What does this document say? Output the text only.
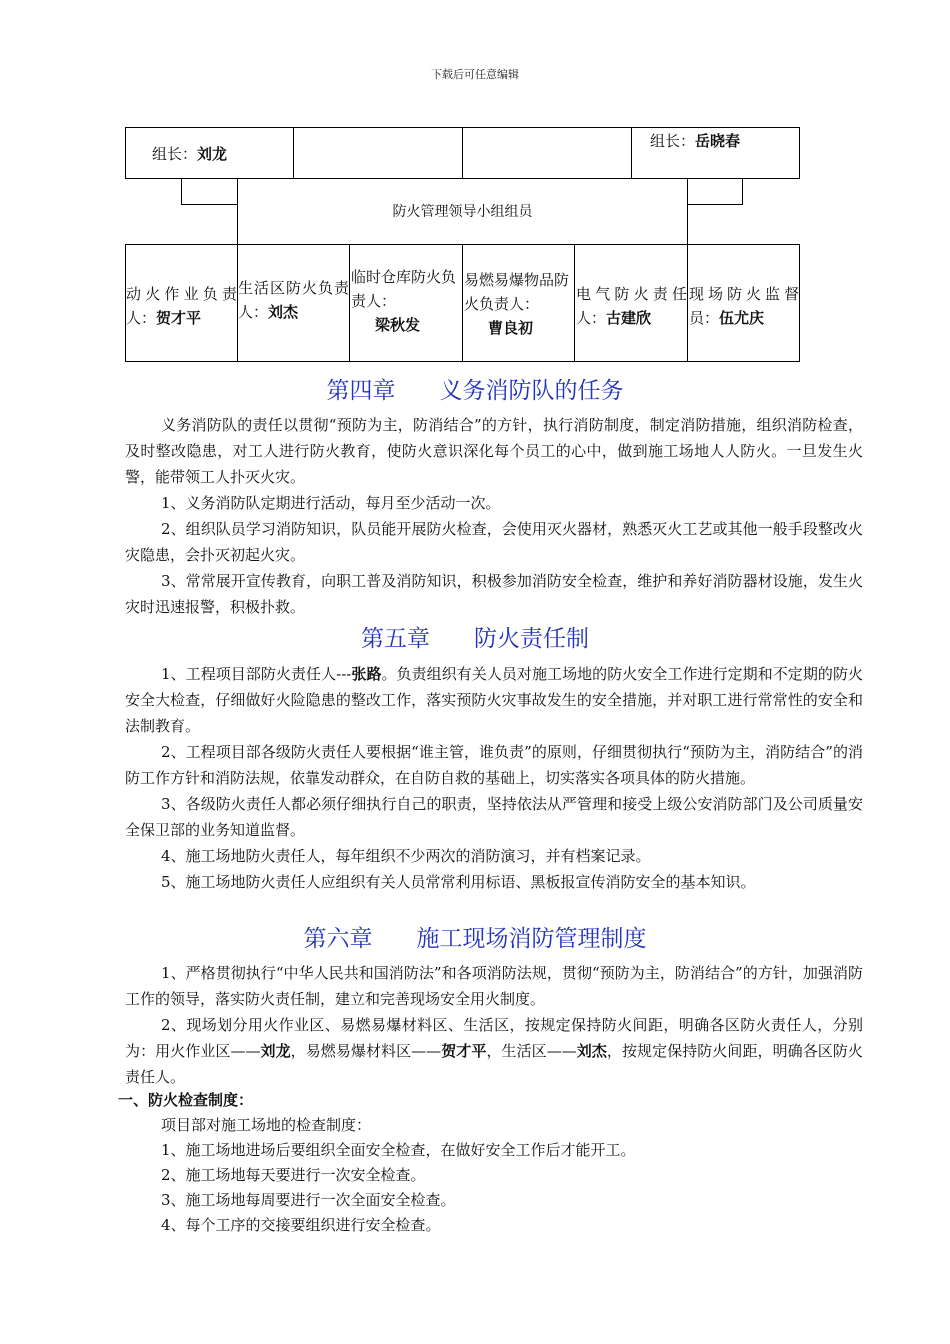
下载后可任意编辑
组长：刘龙
组长：岳晓春
防火管理领导小组组员
动火作业负责人：贺才平
生活区防火负责人：刘杰
临时仓库防火负责人：
梁秋发
易燃易爆物品防火负责人：
曹良初
电气防火责任人：古建欣
现场防火监督员：伍尤庆
第四章 义务消防队的任务

义务消防队的责任以贯彻“预防为主，防消结合”的方针，执行消防制度，制定消防措施，组织消防检查，及时整改隐患，对工人进行防火教育，使防火意识深化每个员工的心中，做到施工场地人人防火。一旦发生火警，能带领工人扑灭火灾。

1、义务消防队定期进行活动，每月至少活动一次。

2、组织队员学习消防知识，队员能开展防火检查，会使用灭火器材，熟悉灭火工艺或其他一般手段整改火灾隐患，会扑灭初起火灾。

3、常常展开宣传教育，向职工普及消防知识，积极参加消防安全检查，维护和养好消防器材设施，发生火灾时迅速报警，积极扑救。

第五章 防火责任制

1、工程项目部防火责任人---张路。负责组织有关人员对施工场地的防火安全工作进行定期和不定期的防火安全大检查，仔细做好火险隐患的整改工作，落实预防火灾事故发生的安全措施，并对职工进行常常性的安全和法制教育。

2、工程项目部各级防火责任人要根据“谁主管，谁负责”的原则，仔细贯彻执行“预防为主，消防结合”的消防工作方针和消防法规，依靠发动群众，在自防自救的基础上，切实落实各项具体的防火措施。

3、各级防火责任人都必须仔细执行自己的职责，坚持依法从严管理和接受上级公安消防部门及公司质量安全保卫部的业务知道监督。

4、施工场地防火责任人，每年组织不少两次的消防演习，并有档案记录。

5、施工场地防火责任人应组织有关人员常常利用标语、黑板报宣传消防安全的基本知识。

第六章 施工现场消防管理制度

1、严格贯彻执行“中华人民共和国消防法”和各项消防法规，贯彻“预防为主，防消结合”的方针，加强消防工作的领导，落实防火责任制，建立和完善现场安全用火制度。

2、现场划分用火作业区、易燃易爆材料区、生活区，按规定保持防火间距，明确各区防火责任人，分别为：用火作业区——刘龙，易燃易爆材料区——贺才平，生活区——刘杰，按规定保持防火间距，明确各区防火责任人。

一、防火检查制度：

项目部对施工场地的检查制度：

1、施工场地进场后要组织全面安全检查，在做好安全工作后才能开工。

2、施工场地每天要进行一次安全检查。

3、施工场地每周要进行一次全面安全检查。

4、每个工序的交接要组织进行安全检查。
